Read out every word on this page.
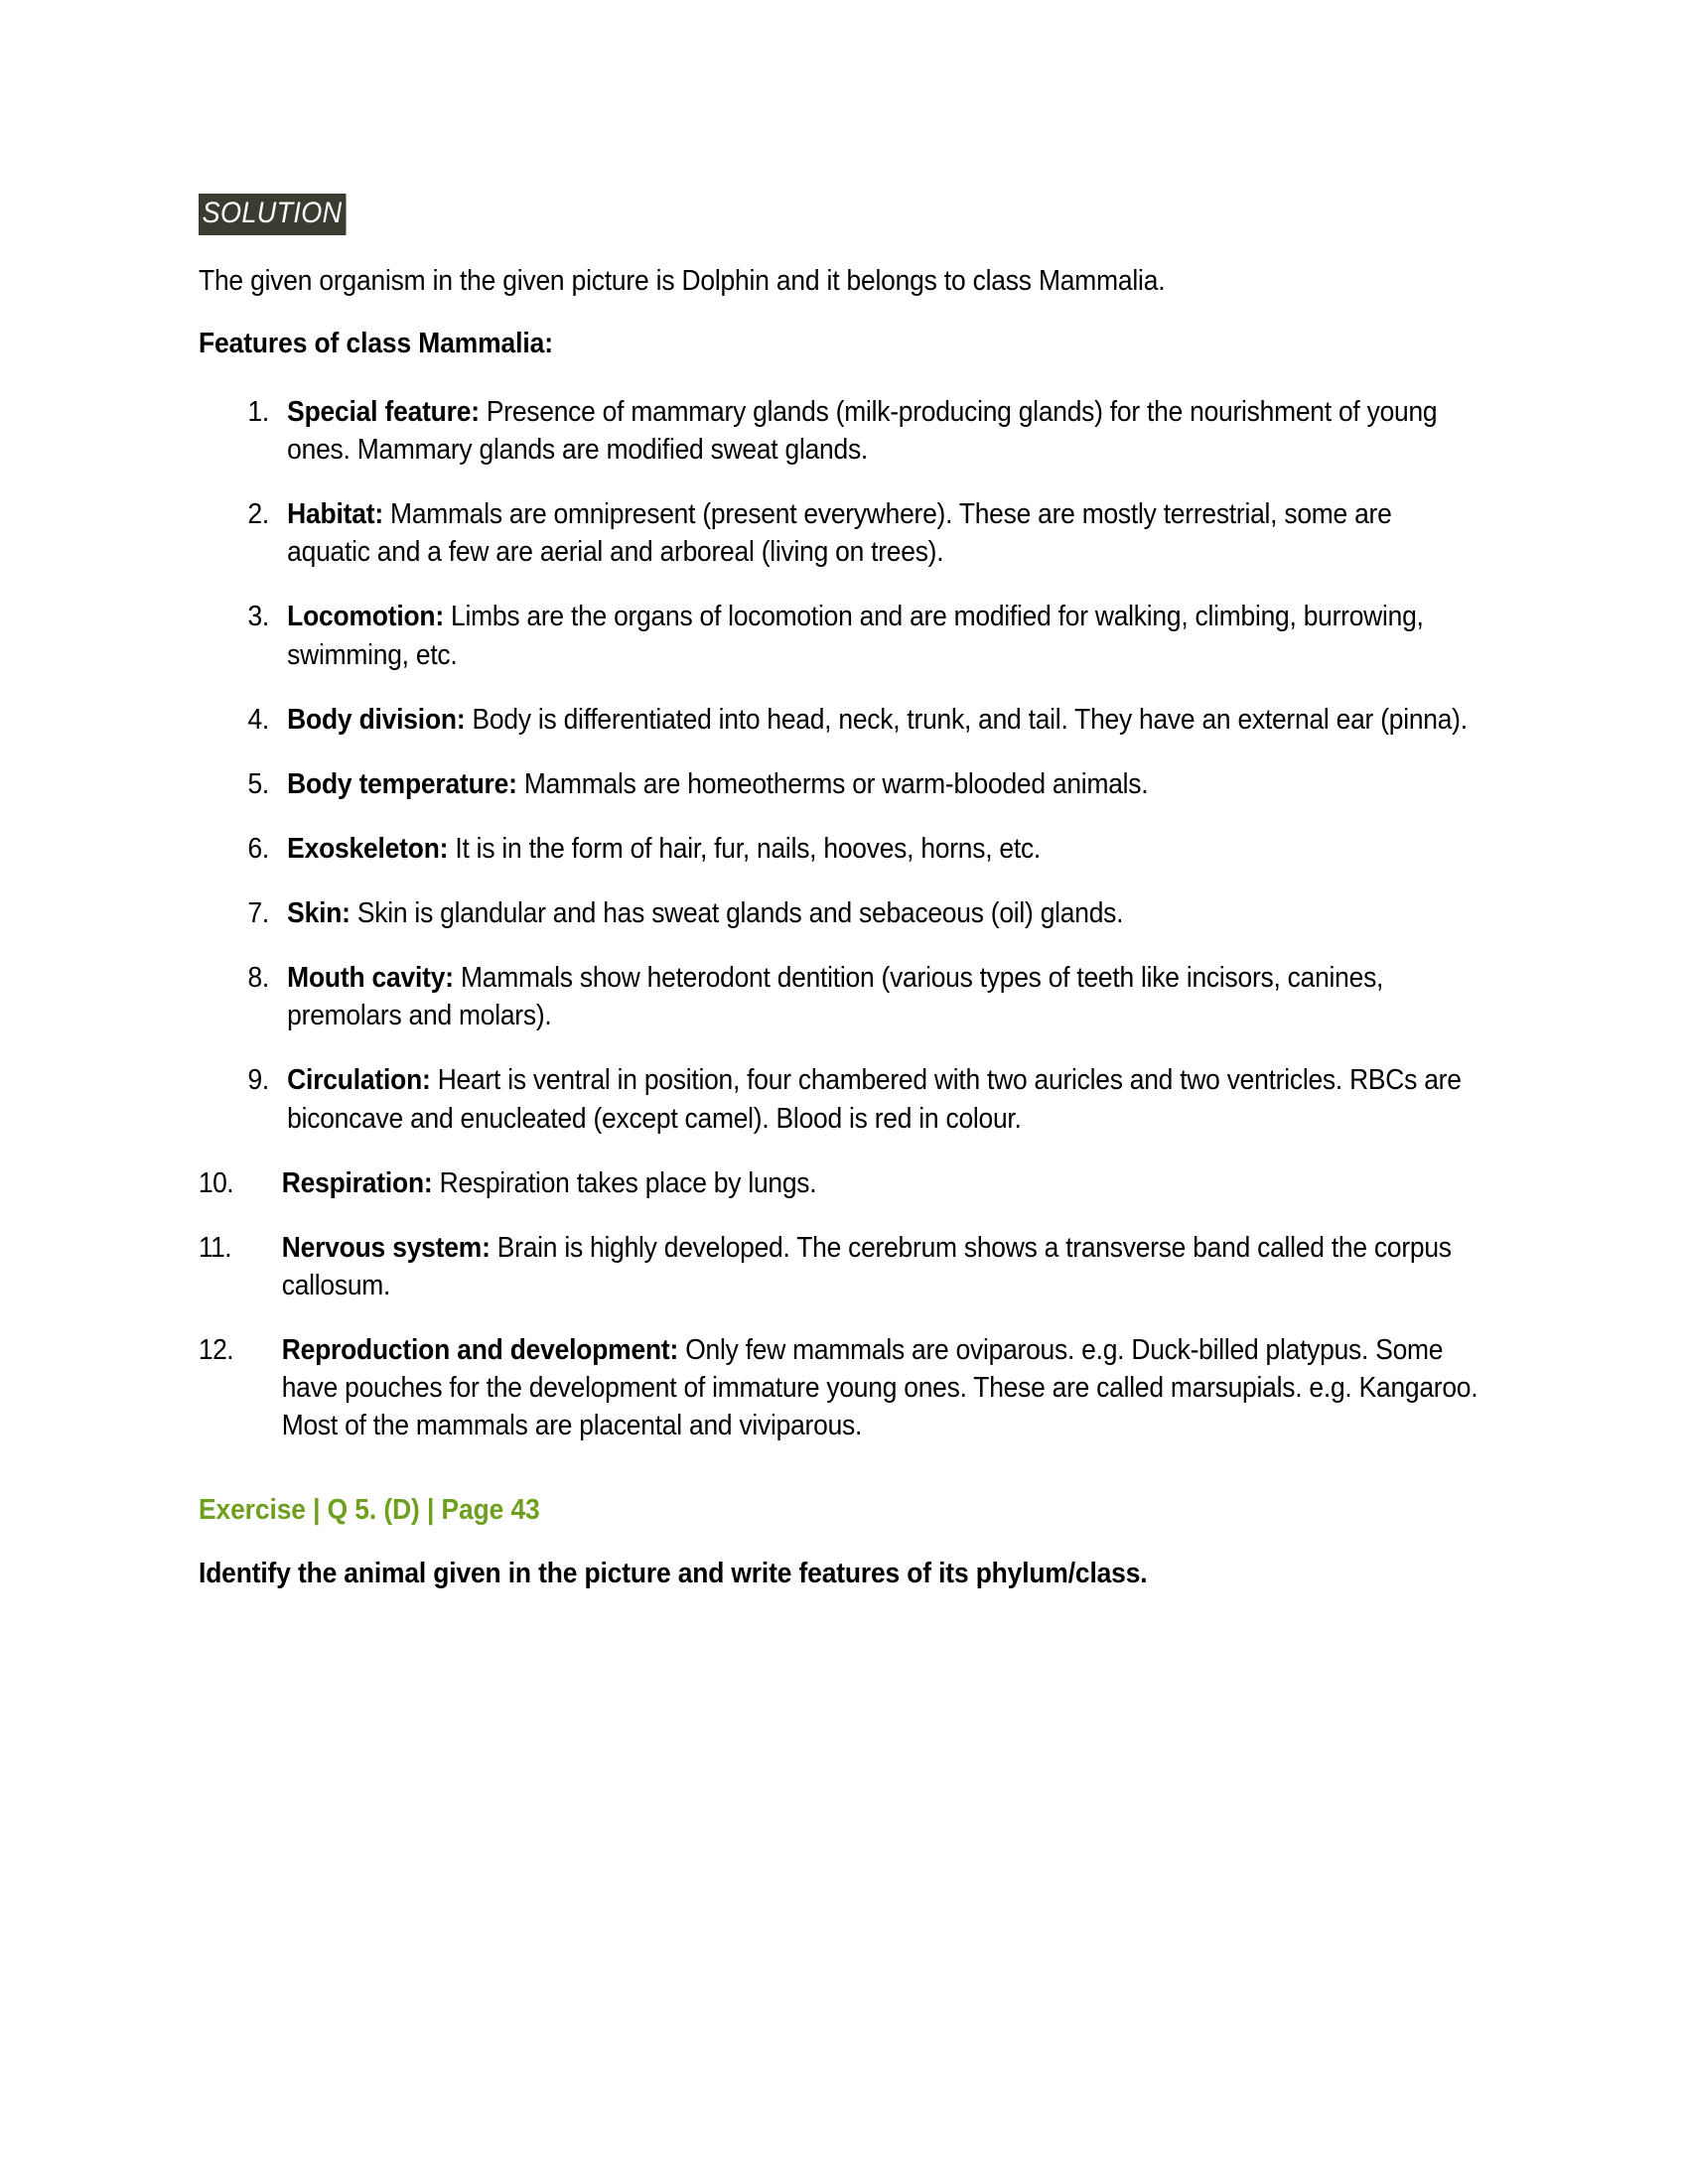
SOLUTION

The given organism in the given picture is Dolphin and it belongs to class Mammalia.

Features of class Mammalia:

1. Special feature: Presence of mammary glands (milk-producing glands) for the nourishment of young ones. Mammary glands are modified sweat glands.
2. Habitat: Mammals are omnipresent (present everywhere). These are mostly terrestrial, some are aquatic and a few are aerial and arboreal (living on trees).
3. Locomotion: Limbs are the organs of locomotion and are modified for walking, climbing, burrowing, swimming, etc.
4. Body division: Body is differentiated into head, neck, trunk, and tail. They have an external ear (pinna).
5. Body temperature: Mammals are homeotherms or warm-blooded animals.
6. Exoskeleton: It is in the form of hair, fur, nails, hooves, horns, etc.
7. Skin: Skin is glandular and has sweat glands and sebaceous (oil) glands.
8. Mouth cavity: Mammals show heterodont dentition (various types of teeth like incisors, canines, premolars and molars).
9. Circulation: Heart is ventral in position, four chambered with two auricles and two ventricles. RBCs are biconcave and enucleated (except camel). Blood is red in colour.
10.	Respiration: Respiration takes place by lungs.
11.	Nervous system: Brain is highly developed. The cerebrum shows a transverse band called the corpus callosum.
12.	Reproduction and development: Only few mammals are oviparous. e.g. Duck-billed platypus. Some have pouches for the development of immature young ones. These are called marsupials. e.g. Kangaroo. Most of the mammals are placental and viviparous.

Exercise | Q 5. (D) | Page 43

Identify the animal given in the picture and write features of its phylum/class.
